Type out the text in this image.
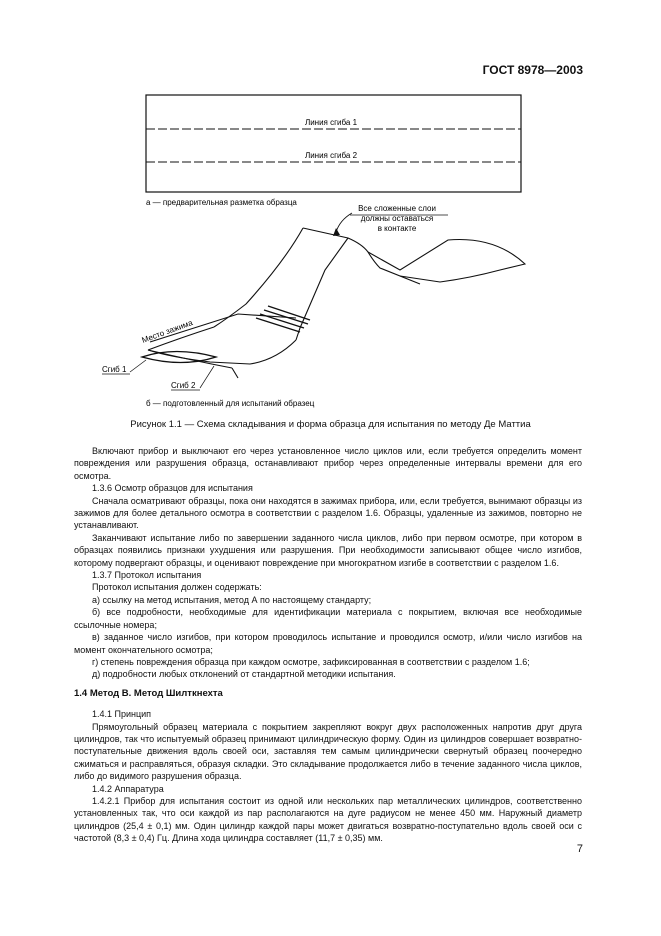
ГОСТ 8978—2003
Линия сгиба 1
Линия сгиба 2
а — предварительная разметка образца
Все сложенные слои
должны оставаться
в контакте
Место зажима
Сгиб 1
Сгиб 2
б — подготовленный для испытаний образец
Рисунок 1.1 — Схема складывания и форма образца для испытания по методу Де Маттиа

Включают прибор и выключают его через установленное число циклов или, если требуется определить момент повреждения или разрушения образца, останавливают прибор через определенные интервалы времени для его осмотра.

1.3.6 Осмотр образцов для испытания

Сначала осматривают образцы, пока они находятся в зажимах прибора, или, если требуется, вынимают образцы из зажимов для более детального осмотра в соответствии с разделом 1.6. Образцы, удаленные из зажимов, повторно не устанавливают.

Заканчивают испытание либо по завершении заданного числа циклов, либо при первом осмотре, при котором в образцах появились признаки ухудшения или разрушения. При необходимости записывают общее число изгибов, которому подвергают образцы, и оценивают повреждение при многократном изгибе в соответствии с разделом 1.6.

1.3.7 Протокол испытания

Протокол испытания должен содержать:

а) ссылку на метод испытания, метод А по настоящему стандарту;

б) все подробности, необходимые для идентификации материала с покрытием, включая все необходимые ссылочные номера;

в) заданное число изгибов, при котором проводилось испытание и проводился осмотр, и/или число изгибов на момент окончательного осмотра;

г) степень повреждения образца при каждом осмотре, зафиксированная в соответствии с разделом 1.6;

д) подробности любых отклонений от стандартной методики испытания.

1.4 Метод В. Метод Шилткнехта

1.4.1 Принцип

Прямоугольный образец материала с покрытием закрепляют вокруг двух расположенных напротив друг друга цилиндров, так что испытуемый образец принимают цилиндрическую форму. Один из цилиндров совершает возвратно-поступательные движения вдоль своей оси, заставляя тем самым цилиндрически свернутый образец поочередно сжиматься и расправляться, образуя складки. Это складывание продолжается либо в течение заданного числа циклов, либо до видимого разрушения образца.

1.4.2 Аппаратура

1.4.2.1 Прибор для испытания состоит из одной или нескольких пар металлических цилиндров, соответственно установленных так, что оси каждой из пар располагаются на дуге радиусом не менее 450 мм. Наружный диаметр цилиндров (25,4 ± 0,1) мм. Один цилиндр каждой пары может двигаться возвратно-поступательно вдоль своей оси с частотой (8,3 ± 0,4) Гц. Длина хода цилиндра составляет (11,7 ± 0,35) мм.

7
